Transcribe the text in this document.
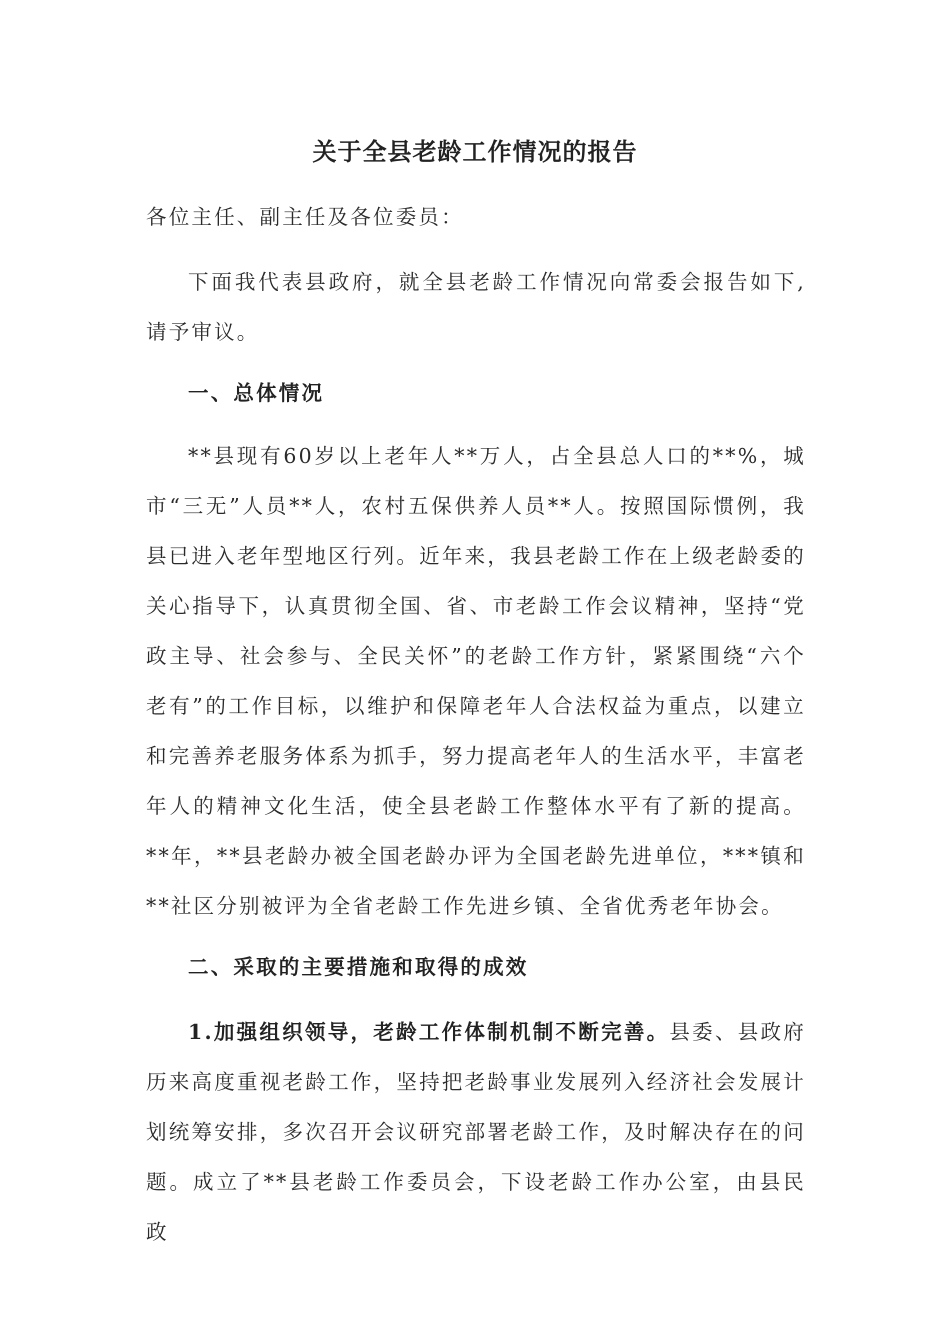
关于全县老龄工作情况的报告
各位主任、副主任及各位委员：
下面我代表县政府，就全县老龄工作情况向常委会报告如下,请予审议。
一、总体情况
**县现有60岁以上老年人**万人，占全县总人口的**%，城市“三无”人员**人，农村五保供养人员**人。按照国际惯例，我县已进入老年型地区行列。近年来，我县老龄工作在上级老龄委的关心指导下，认真贯彻全国、省、市老龄工作会议精神，坚持“党政主导、社会参与、全民关怀”的老龄工作方针，紧紧围绕“六个老有”的工作目标，以维护和保障老年人合法权益为重点，以建立和完善养老服务体系为抓手，努力提高老年人的生活水平，丰富老年人的精神文化生活，使全县老龄工作整体水平有了新的提高。**年，**县老龄办被全国老龄办评为全国老龄先进单位，***镇和**社区分别被评为全省老龄工作先进乡镇、全省优秀老年协会。
二、采取的主要措施和取得的成效
1.加强组织领导，老龄工作体制机制不断完善。县委、县政府历来高度重视老龄工作，坚持把老龄事业发展列入经济社会发展计划统筹安排，多次召开会议研究部署老龄工作，及时解决存在的问题。成立了**县老龄工作委员会，下设老龄工作办公室，由县民政
